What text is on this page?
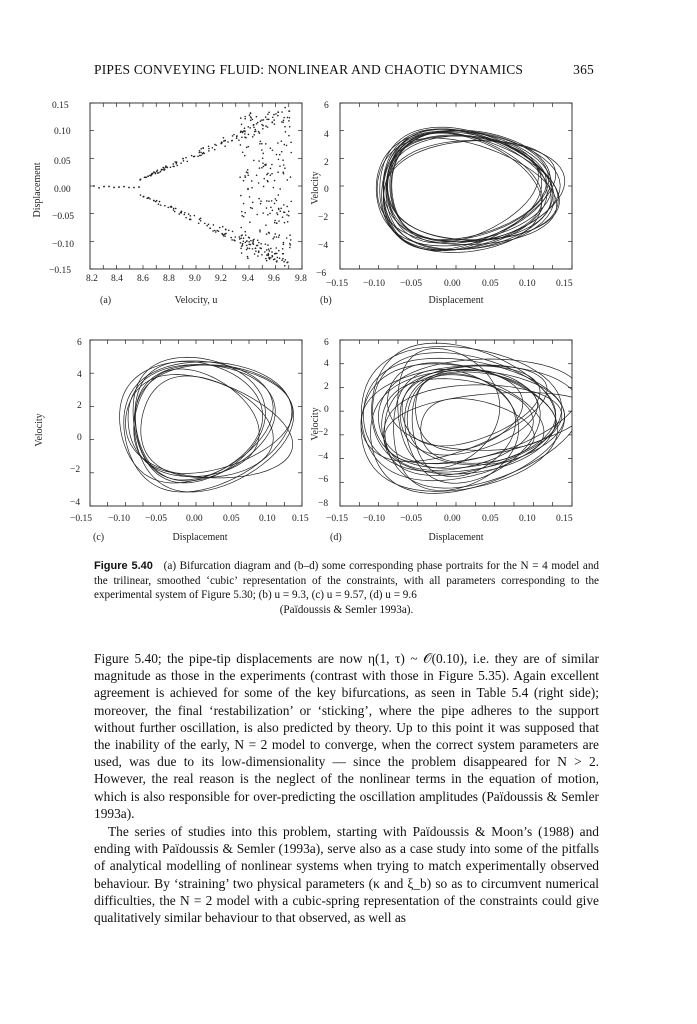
PIPES CONVEYING FLUID: NONLINEAR AND CHAOTIC DYNAMICS	365
0.15
0.10
0.05
0.00
−0.05
−0.10
−0.15
8.2 8.4 8.6 8.8 9.0 9.2 9.4 9.6 9.8
Displacement
Velocity, u
(a)
6
4
2
0
−2
−4
−6
−0.15 −0.10 −0.05 0.00 0.05 0.10 0.15
Velocity
Displacement
(b)
6
4
2
0
−2
−4
−0.15 −0.10 −0.05 0.00 0.05 0.10 0.15
Velocity
Displacement
(c)
6
4
2
0
−2
−4
−6
−8
−0.15 −0.10 −0.05 0.00 0.05 0.10 0.15
Velocity
Displacement
(d)
Figure 5.40 (a) Bifurcation diagram and (b–d) some corresponding phase portraits for the N = 4 model and the trilinear, smoothed ‘cubic’ representation of the constraints, with all parameters corresponding to the experimental system of Figure 5.30; (b) u = 9.3, (c) u = 9.57, (d) u = 9.6
(Païdoussis & Semler 1993a).

Figure 5.40; the pipe-tip displacements are now η(1, τ) ~ 𝒪(0.10), i.e. they are of similar magnitude as those in the experiments (contrast with those in Figure 5.35). Again excellent agreement is achieved for some of the key bifurcations, as seen in Table 5.4 (right side); moreover, the final ‘restabilization’ or ‘sticking’, where the pipe adheres to the support without further oscillation, is also predicted by theory. Up to this point it was supposed that the inability of the early, N = 2 model to converge, when the correct system parameters are used, was due to its low-dimensionality — since the problem disappeared for N > 2. However, the real reason is the neglect of the nonlinear terms in the equation of motion, which is also responsible for over-predicting the oscillation amplitudes (Païdoussis & Semler 1993a).

The series of studies into this problem, starting with Païdoussis & Moon’s (1988) and ending with Païdoussis & Semler (1993a), serve also as a case study into some of the pitfalls of analytical modelling of nonlinear systems when trying to match experimentally observed behaviour. By ‘straining’ two physical parameters (κ and ξ_b) so as to circumvent numerical difficulties, the N = 2 model with a cubic-spring representation of the constraints could give qualitatively similar behaviour to that observed, as well as
